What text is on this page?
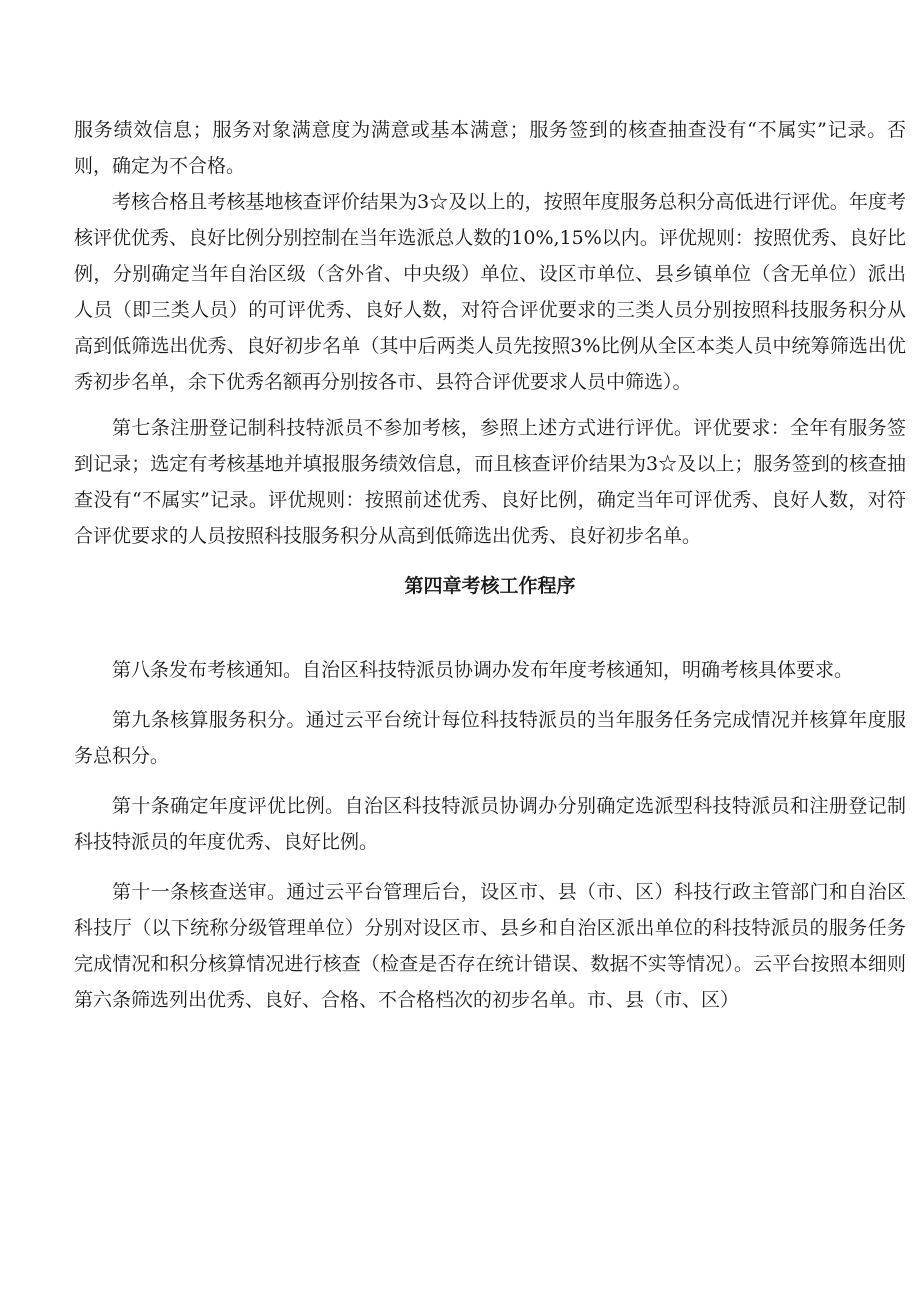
服务绩效信息；服务对象满意度为满意或基本满意；服务签到的核查抽查没有“不属实”记录。否则，确定为不合格。

考核合格且考核基地核查评价结果为3☆及以上的，按照年度服务总积分高低进行评优。年度考核评优优秀、良好比例分别控制在当年选派总人数的10%,15%以内。评优规则：按照优秀、良好比例，分别确定当年自治区级（含外省、中央级）单位、设区市单位、县乡镇单位（含无单位）派出人员（即三类人员）的可评优秀、良好人数，对符合评优要求的三类人员分别按照科技服务积分从高到低筛选出优秀、良好初步名单（其中后两类人员先按照3%比例从全区本类人员中统筹筛选出优秀初步名单，余下优秀名额再分别按各市、县符合评优要求人员中筛选）。

第七条注册登记制科技特派员不参加考核，参照上述方式进行评优。评优要求：全年有服务签到记录；选定有考核基地并填报服务绩效信息，而且核查评价结果为3☆及以上；服务签到的核查抽查没有“不属实”记录。评优规则：按照前述优秀、良好比例，确定当年可评优秀、良好人数，对符合评优要求的人员按照科技服务积分从高到低筛选出优秀、良好初步名单。

第四章考核工作程序

第八条发布考核通知。自治区科技特派员协调办发布年度考核通知，明确考核具体要求。

第九条核算服务积分。通过云平台统计每位科技特派员的当年服务任务完成情况并核算年度服务总积分。

第十条确定年度评优比例。自治区科技特派员协调办分别确定选派型科技特派员和注册登记制科技特派员的年度优秀、良好比例。

第十一条核查送审。通过云平台管理后台，设区市、县（市、区）科技行政主管部门和自治区科技厅（以下统称分级管理单位）分别对设区市、县乡和自治区派出单位的科技特派员的服务任务完成情况和积分核算情况进行核查（检查是否存在统计错误、数据不实等情况）。云平台按照本细则第六条筛选列出优秀、良好、合格、不合格档次的初步名单。市、县（市、区）
